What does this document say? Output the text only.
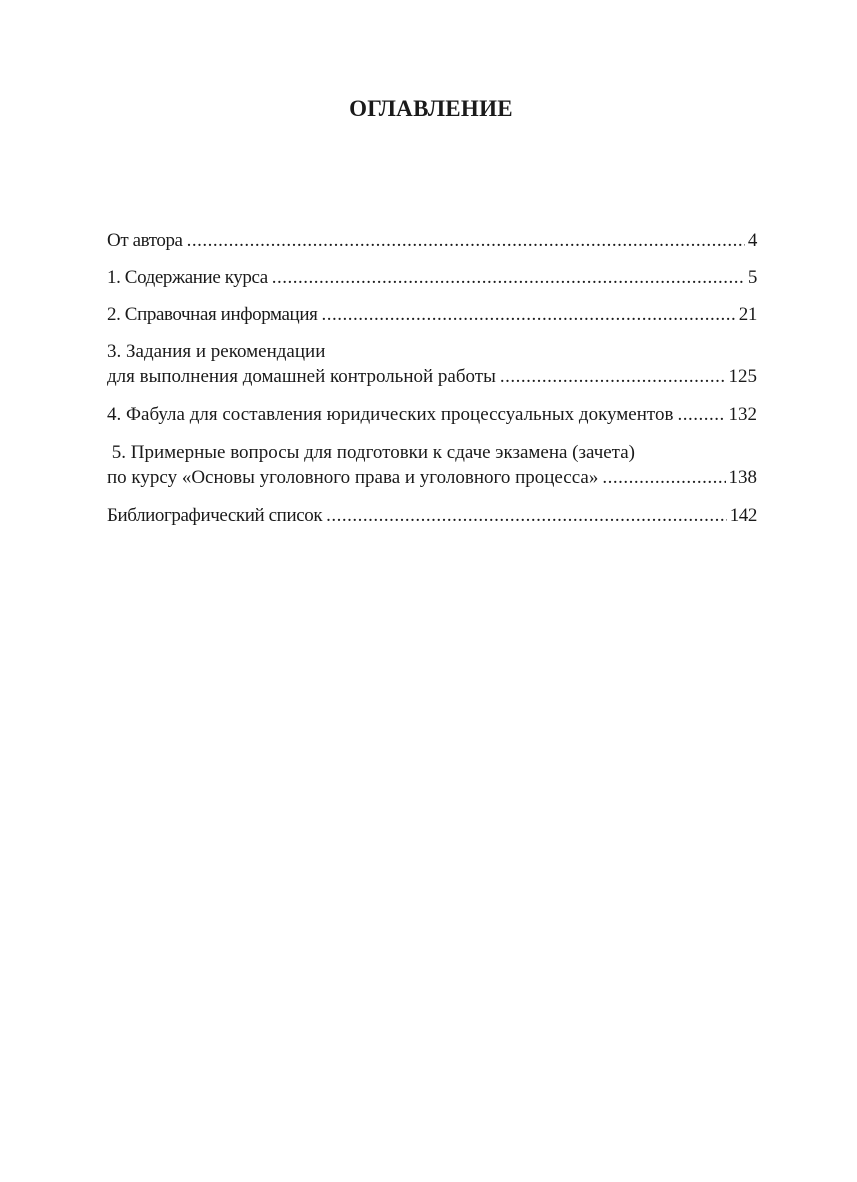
ОГЛАВЛЕНИЕ
От автора .....	4
1. Содержание курса .....	5
2. Справочная информация .....	21
3. Задания и рекомендации
для выполнения домашней контрольной работы .....	125
4. Фабула для составления юридических процессуальных документов .....	132
5. Примерные вопросы для подготовки к сдаче экзамена (зачета)
по курсу «Основы уголовного права и уголовного процесса» .....	138
Библиографический список .....	142
